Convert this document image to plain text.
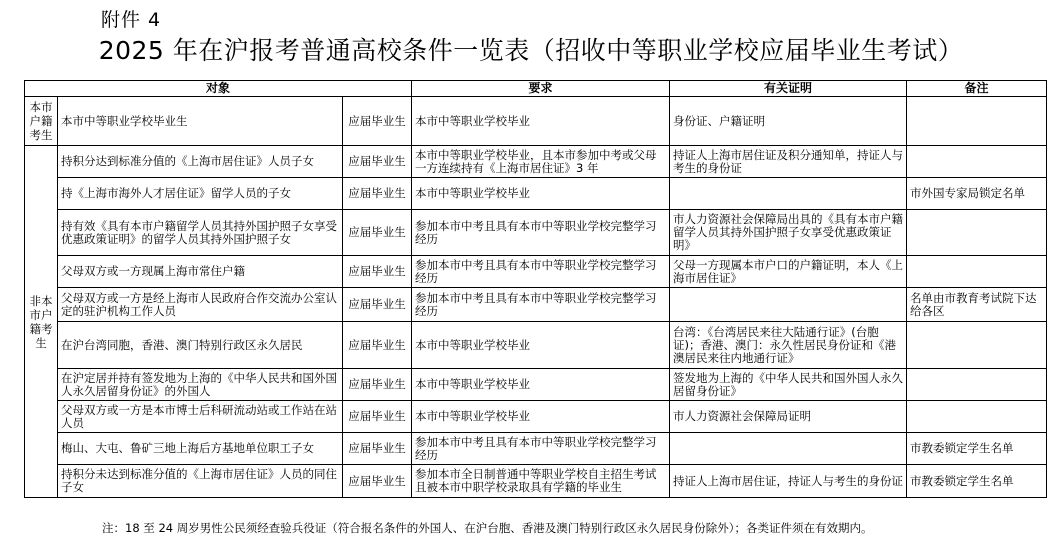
附件 4
2025 年在沪报考普通高校条件一览表（招收中等职业学校应届毕业生考试）
对象			要求	有关证明	备注
本市户籍考生	本市中等职业学校毕业生	应届毕业生	本市中等职业学校毕业	身份证、户籍证明	
非本市户籍考生	持积分达到标准分值的《上海市居住证》人员子女	应届毕业生	本市中等职业学校毕业，且本市参加中考或父母一方连续持有《上海市居住证》3 年	持证人上海市居住证及积分通知单，持证人与考生的身份证	
	持《上海市海外人才居住证》留学人员的子女	应届毕业生	本市中等职业学校毕业		市外国专家局锁定名单
	持有效《具有本市户籍留学人员其持外国护照子女享受优惠政策证明》的留学人员其持外国护照子女	应届毕业生	参加本市中考且具有本市中等职业学校完整学习经历	市人力资源社会保障局出具的《具有本市户籍留学人员其持外国护照子女享受优惠政策证明》	
	父母双方或一方现属上海市常住户籍	应届毕业生	参加本市中考且具有本市中等职业学校完整学习经历	父母一方现属本市户口的户籍证明，本人《上海市居住证》	
	父母双方或一方是经上海市人民政府合作交流办公室认定的驻沪机构工作人员	应届毕业生	参加本市中考且具有本市中等职业学校完整学习经历		名单由市教育考试院下达给各区
	在沪台湾同胞，香港、澳门特别行政区永久居民	应届毕业生	本市中等职业学校毕业	台湾：《台湾居民来往大陆通行证》(台胞证)；香港、澳门：永久性居民身份证和《港澳居民来往内地通行证》	
	在沪定居并持有签发地为上海的《中华人民共和国外国人永久居留身份证》的外国人	应届毕业生	本市中等职业学校毕业	签发地为上海的《中华人民共和国外国人永久居留身份证》	
	父母双方或一方是本市博士后科研流动站或工作站在站人员	应届毕业生	本市中等职业学校毕业	市人力资源社会保障局证明	
	梅山、大屯、鲁矿三地上海后方基地单位职工子女	应届毕业生	参加本市中考且具有本市中等职业学校完整学习经历		市教委锁定学生名单
	持积分未达到标准分值的《上海市居住证》人员的同住子女	应届毕业生	参加本市全日制普通中等职业学校自主招生考试且被本市中职学校录取具有学籍的毕业生	持证人上海市居住证，持证人与考生的身份证	市教委锁定学生名单
注：18 至 24 周岁男性公民须经查验兵役证（符合报名条件的外国人、在沪台胞、香港及澳门特别行政区永久居民身份除外）；各类证件须在有效期内。
